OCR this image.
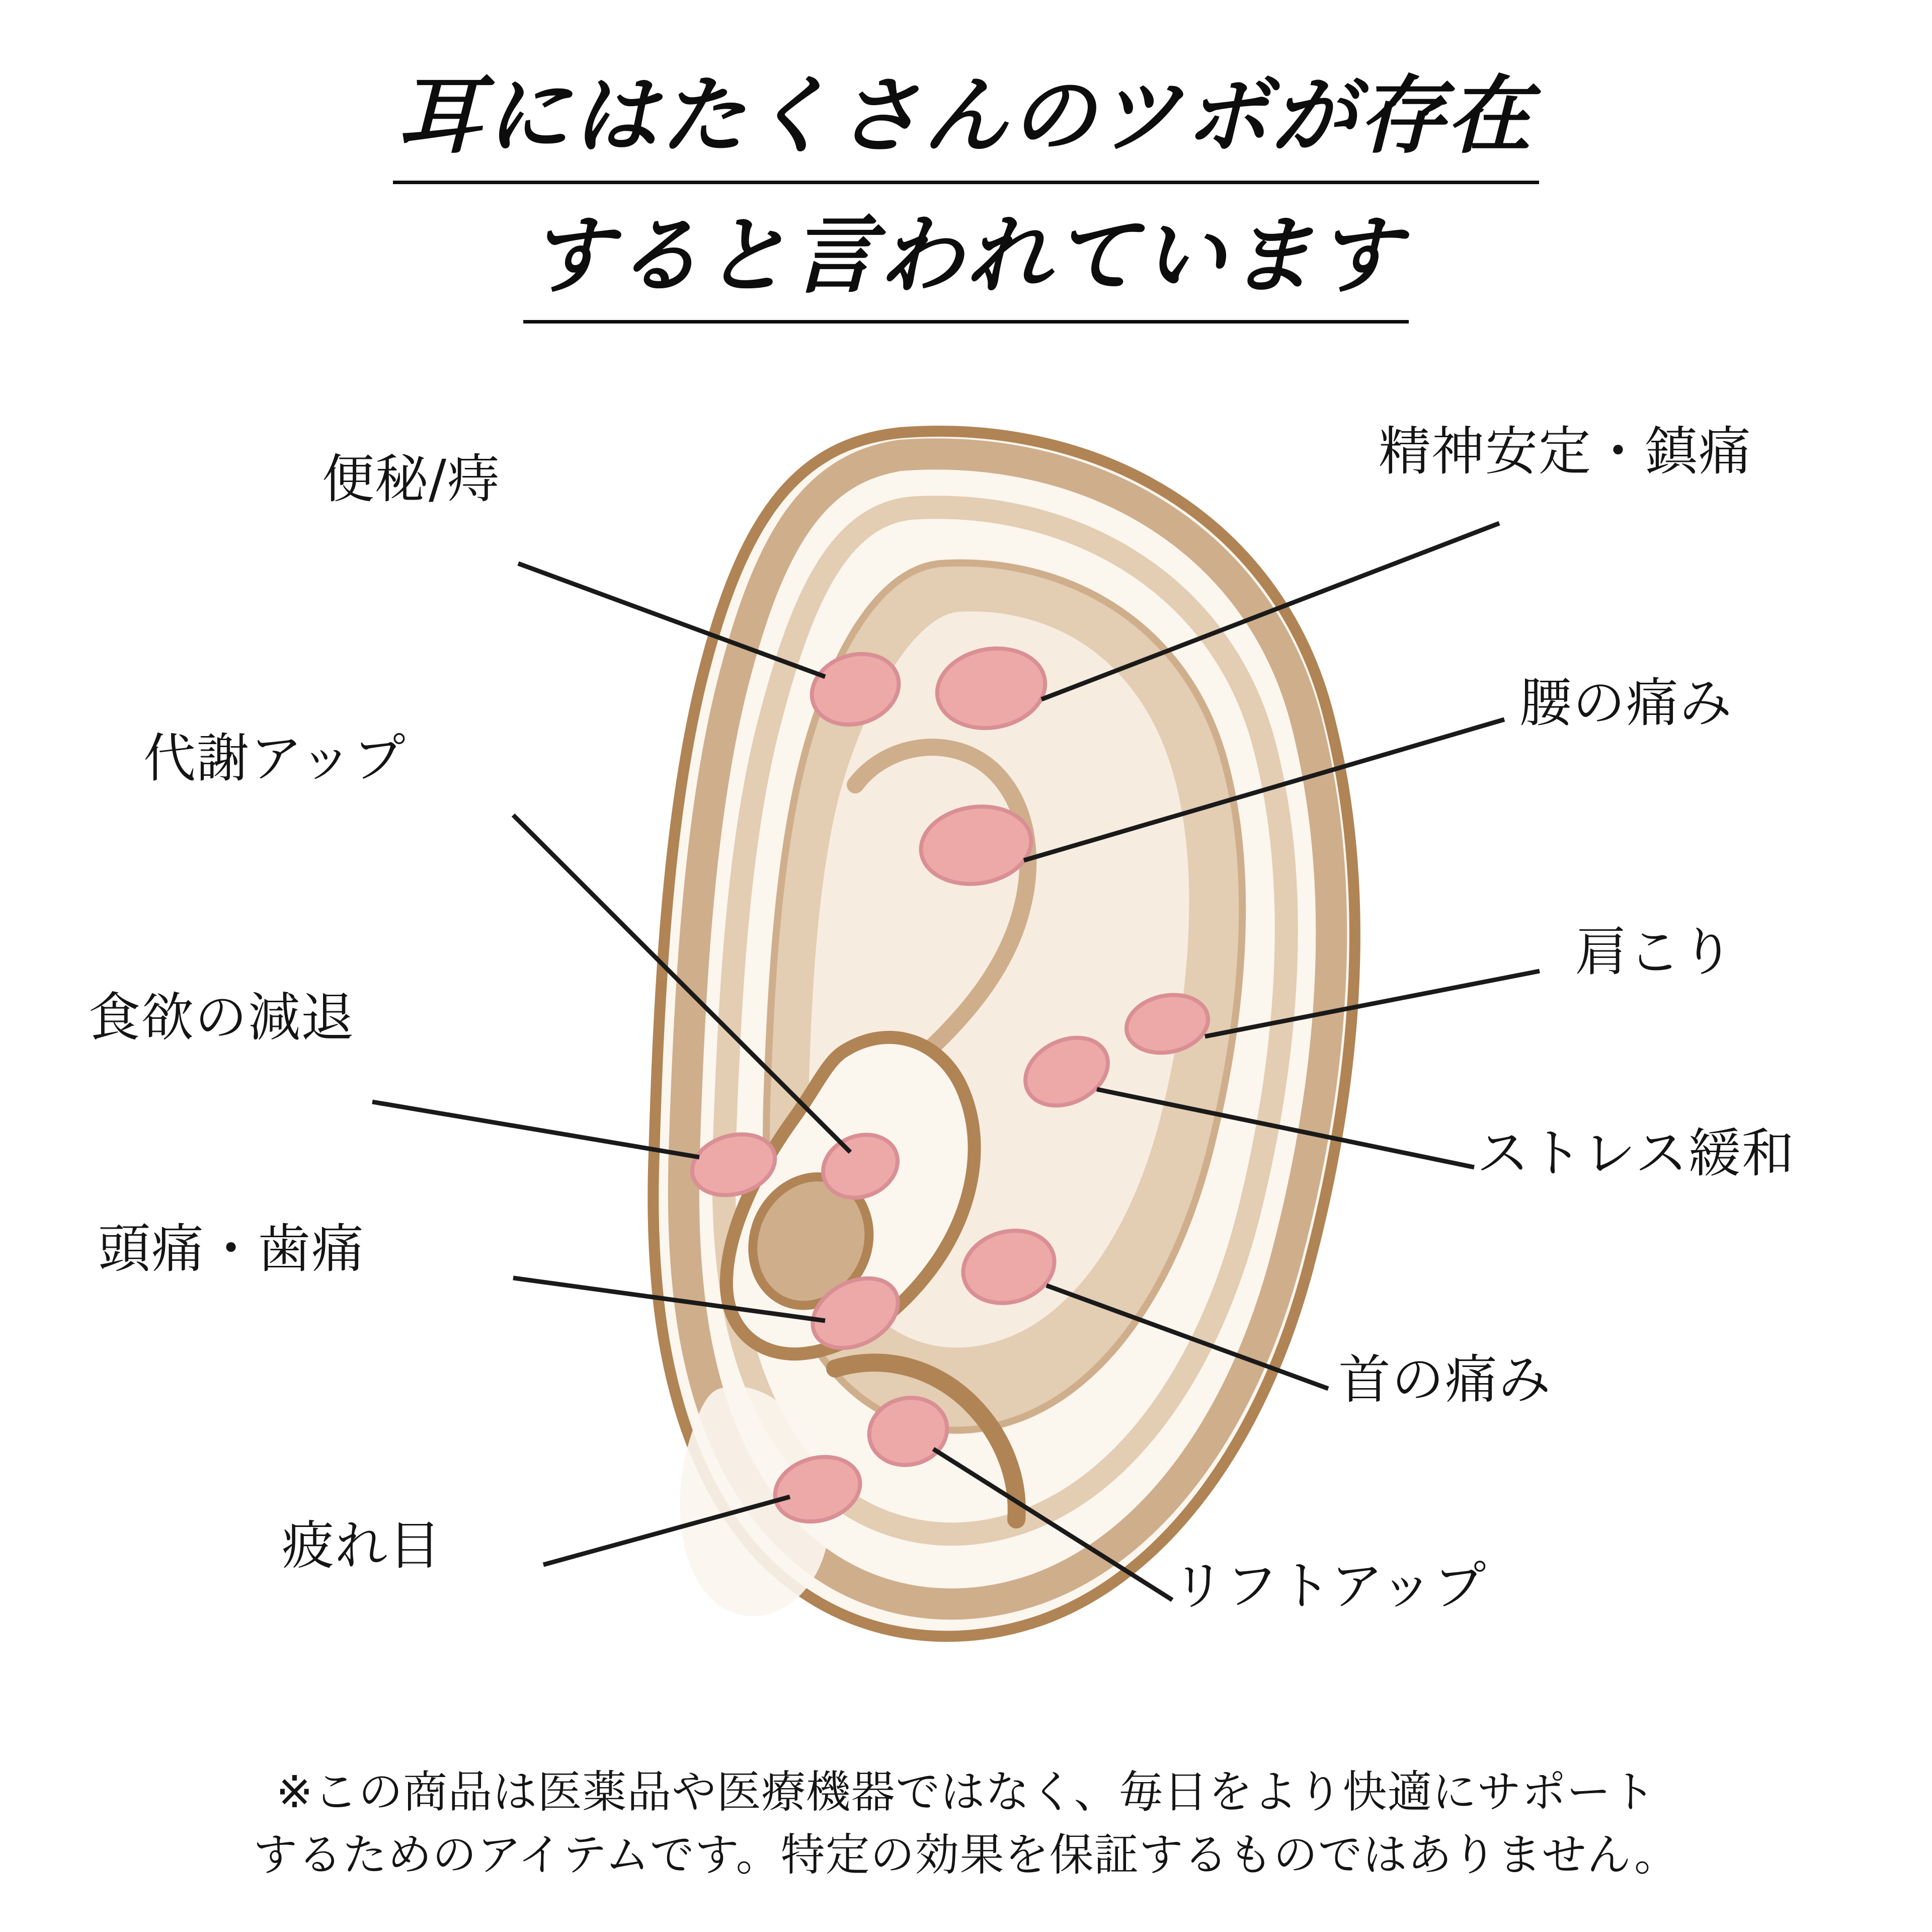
耳にはたくさんのツボが存在
すると言われています
便秘/痔
代謝アップ
食欲の減退
頭痛・歯痛
疲れ目
精神安定・鎮痛
腰の痛み
肩こり
ストレス緩和
首の痛み
リフトアップ
※この商品は医薬品や医療機器ではなく、毎日をより快適にサポート
するためのアイテムです。特定の効果を保証するものではありません。
